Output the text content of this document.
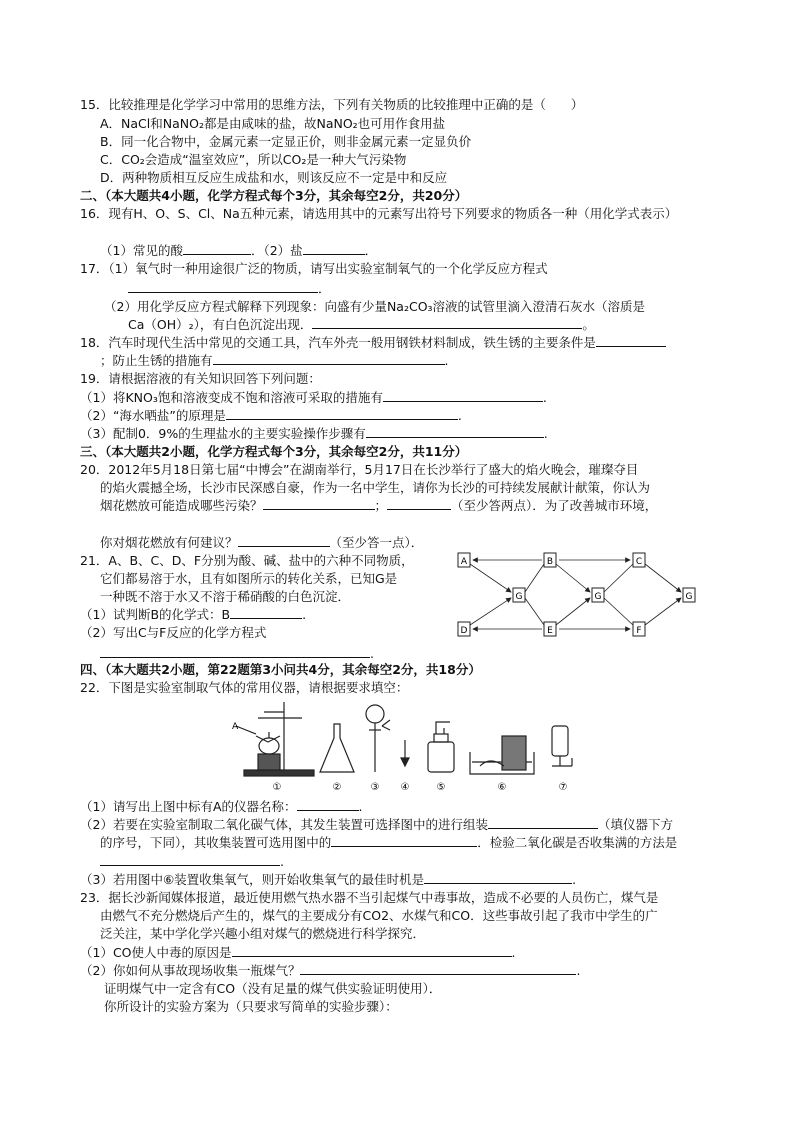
15．比较推理是化学学习中常用的思维方法，下列有关物质的比较推理中正确的是（　　）
A．NaCl和NaNO₂都是由咸味的盐，故NaNO₂也可用作食用盐
B．同一化合物中，金属元素一定显正价，则非金属元素一定显负价
C．CO₂会造成“温室效应”，所以CO₂是一种大气污染物
D．两种物质相互反应生成盐和水，则该反应不一定是中和反应
二、（本大题共4小题，化学方程式每个3分，其余每空2分，共20分）
16．现有H、O、S、Cl、Na五种元素，请选用其中的元素写出符号下列要求的物质各一种（用化学式表示）
（1）常见的酸	．（2）盐	．
17．（1）氧气时一种用途很广泛的物质，请写出实验室制氧气的一个化学反应方程式
．
（2）用化学反应方程式解释下列现象：向盛有少量Na₂CO₃溶液的试管里滴入澄清石灰水（溶质是
Ca（OH）₂），有白色沉淀出现．	。
18．汽车时现代生活中常见的交通工具，汽车外壳一般用钢铁材料制成，铁生锈的主要条件是
；防止生锈的措施有	.
19．请根据溶液的有关知识回答下列问题：
（1）将KNO₃饱和溶液变成不饱和溶液可采取的措施有	.
（2）“海水晒盐”的原理是	.
（3）配制0．9%的生理盐水的主要实验操作步骤有	.
三、（本大题共2小题，化学方程式每个3分，其余每空2分，共11分）
20．2012年5月18日第七届“中博会”在湖南举行，5月17日在长沙举行了盛大的焰火晚会，璀璨夺目
的焰火震撼全场，长沙市民深感自豪，作为一名中学生，请你为长沙的可持续发展献计献策，你认为
烟花燃放可能造成哪些污染？	；	（至少答两点）．为了改善城市环境，
你对烟花燃放有何建议？	（至少答一点）．
21．A、B、C、D、F分别为酸、碱、盐中的六种不同物质，
它们都易溶于水，且有如图所示的转化关系，已知G是
一种既不溶于水又不溶于稀硝酸的白色沉淀．
（1）试判断B的化学式：B	.
（2）写出C与F反应的化学方程式
.
A	B	C
D	E	F
G	G	G
四、（本大题共2小题，第22题第3小问共4分，其余每空2分，共18分）
22．下图是实验室制取气体的常用仪器，请根据要求填空：
A
①	②	③ ④	⑤	⑥	⑦
（1）请写出上图中标有A的仪器名称：	.
（2）若要在实验室制取二氧化碳气体，其发生装置可选择图中的进行组装	（填仪器下方
的序号，下同），其收集装置可选用图中的	．检验二氧化碳是否收集满的方法是
.
（3）若用图中⑥装置收集氧气，则开始收集氧气的最佳时机是	.
23．据长沙新闻媒体报道，最近使用燃气热水器不当引起煤气中毒事故，造成不必要的人员伤亡，煤气是
由燃气不充分燃烧后产生的，煤气的主要成分有CO2、水煤气和CO．这些事故引起了我市中学生的广
泛关注，某中学化学兴趣小组对煤气的燃烧进行科学探究．
（1）CO使人中毒的原因是	.
（2）你如何从事故现场收集一瓶煤气？	.
证明煤气中一定含有CO（没有足量的煤气供实验证明使用）．
你所设计的实验方案为（只要求写简单的实验步骤）：
